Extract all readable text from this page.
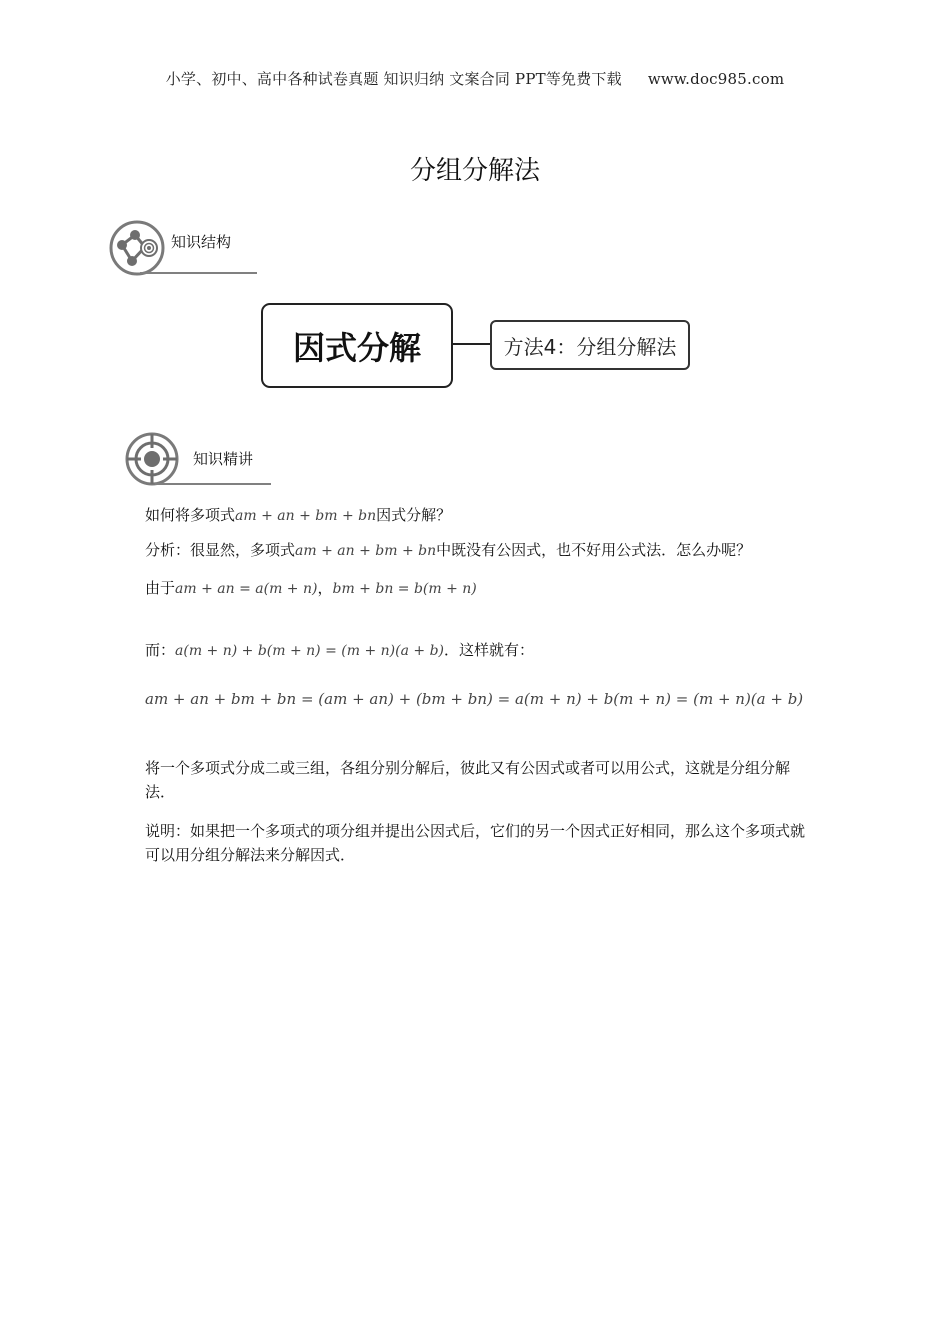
小学、初中、高中各种试卷真题 知识归纳 文案合同 PPT等免费下载 www.doc985.com
分组分解法
知识结构
因式分解	方法4：分组分解法
知识精讲
如何将多项式am + an + bm + bn因式分解？
分析：很显然，多项式am + an + bm + bn中既没有公因式，也不好用公式法．怎么办呢？
由于am + an = a(m + n)，bm + bn = b(m + n)
而：a(m + n) + b(m + n) = (m + n)(a + b)．这样就有：
am + an + bm + bn = (am + an) + (bm + bn) = a(m + n) + b(m + n) = (m + n)(a + b)
将一个多项式分成二或三组，各组分别分解后，彼此又有公因式或者可以用公式，这就是分组分解法．
说明：如果把一个多项式的项分组并提出公因式后，它们的另一个因式正好相同，那么这个多项式就可以用分组分解法来分解因式．
